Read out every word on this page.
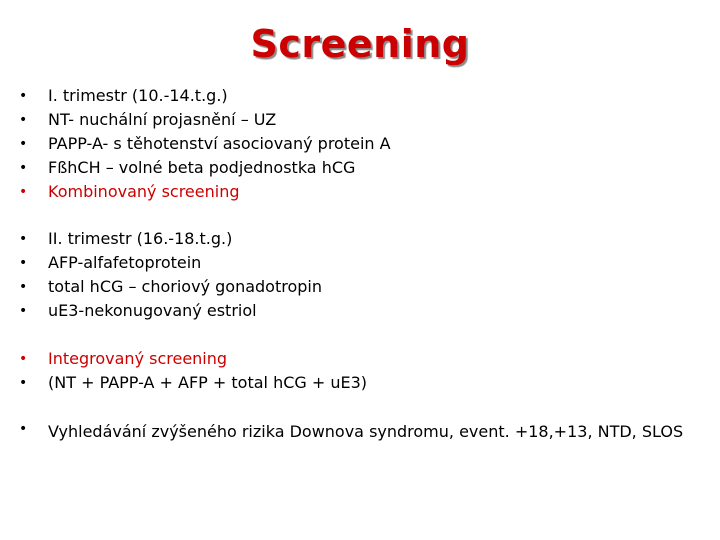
Screening
•	I. trimestr (10.-14.t.g.)
•	NT- nuchální projasnění – UZ
•	PAPP-A- s těhotenství asociovaný protein A
•	FßhCH – volné beta podjednostka hCG
•	Kombinovaný screening
•	II. trimestr (16.-18.t.g.)
•	AFP-alfafetoprotein
•	total hCG – choriový gonadotropin
•	uE3-nekonugovaný estriol
•	Integrovaný screening
•	(NT + PAPP-A + AFP + total hCG + uE3)
•	Vyhledávání zvýšeného rizika Downova syndromu, event. +18,+13, NTD, SLOS
